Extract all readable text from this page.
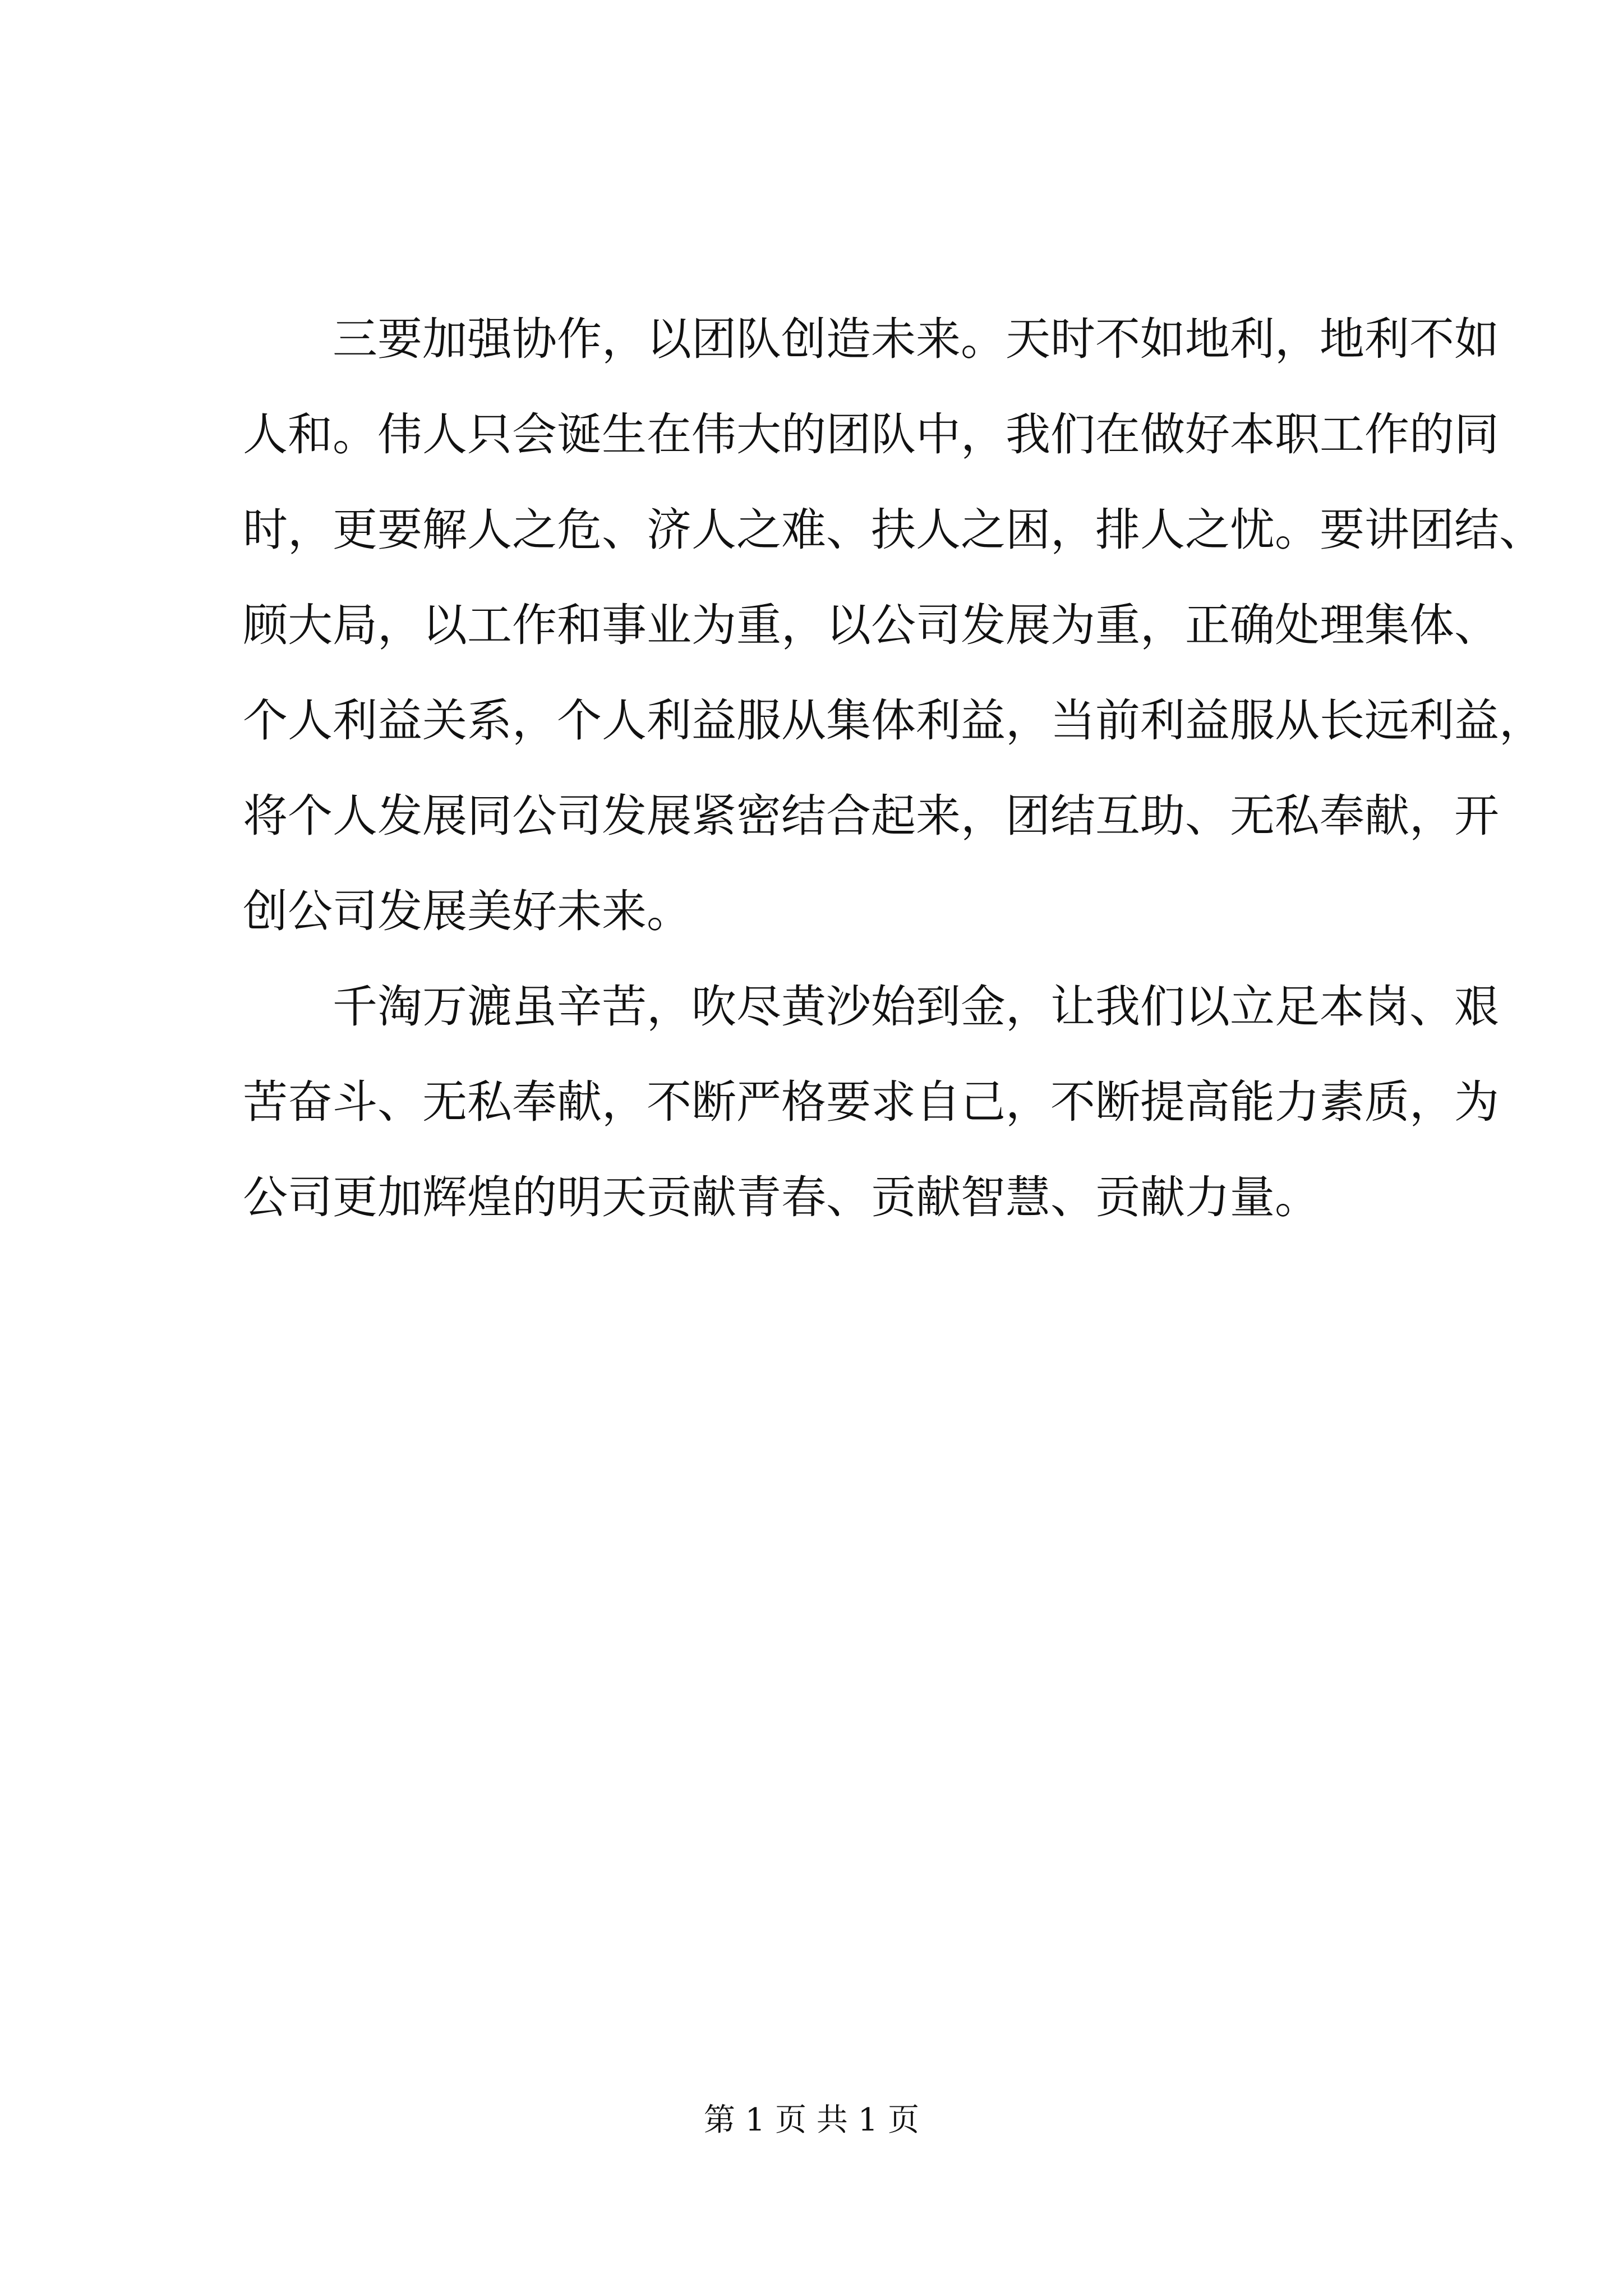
三要加强协作，以团队创造未来。天时不如地利，地利不如
人和。伟人只会诞生在伟大的团队中，我们在做好本职工作的同
时，更要解人之危、济人之难、扶人之困，排人之忧。要讲团结、
顾大局，以工作和事业为重，以公司发展为重，正确处理集体、
个人利益关系，个人利益服从集体利益，当前利益服从长远利益，
将个人发展同公司发展紧密结合起来，团结互助、无私奉献，开
创公司发展美好未来。
千淘万漉虽辛苦，吹尽黄沙始到金，让我们以立足本岗、艰
苦奋斗、无私奉献，不断严格要求自己，不断提高能力素质，为
公司更加辉煌的明天贡献青春、贡献智慧、贡献力量。
第 1 页 共 1 页
